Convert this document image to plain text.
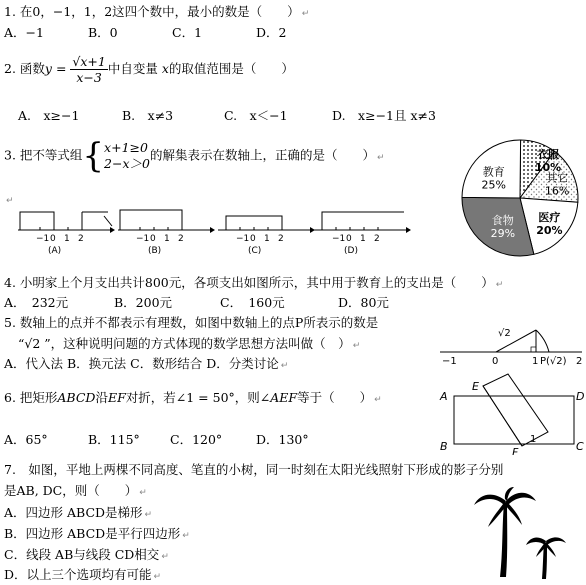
1. 在0，−1，1，2这四个数中，最小的数是（　　） ↵
A．−1	B．0	C．1	D．2
2. 函数$y = \frac{√x+1}{x-3}$ 中自变量 x的取值范围是（　　）
A.　x≥−1	B.　x≠3	C.　x＜−1	D.　x≥−1且 x≠3
3. 把不等式组{x+1≥0
2−x＞0的解集表示在数轴上，正确的是（　　） ↵
↵
−1 0 1 2
(A)
−1 0 1 2
(B)
−1 0 1 2
(C)
−1 0 1 2
(D)
衣服
10%
其它
16%
医疗
20%
食物
29%
教育
25%
4. 小明家上个月支出共计800元，各项支出如图所示，其中用于教育上的支出是（　　） ↵
A．　232元	B．200元	C．　160元	D．80元
5. 数轴上的点并不都表示有理数，如图中数轴上的点P所表示的数是
“√2 ”，这种说明问题的方式体现的数学思想方法叫做（　） ↵
A．代入法 B．换元法 C．数形结合 D．分类讨论 ↵
√2
−1	0	1 P(√2) 2
6. 把矩形ABCD沿EF对折，若∠1 = 50°，则∠AEF等于（　　） ↵
A．65°	B．115° C．120°	D．130°
A
B	C
D
E
F
1
7.　如图，平地上两棵不同高度、笔直的小树，同一时刻在太阳光线照射下形成的影子分别
是AB, DC，则（　　） ↵
A．四边形 ABCD是梯形 ↵
B．四边形 ABCD是平行四边形 ↵
C．线段 AB与线段 CD相交 ↵
D．以上三个选项均有可能 ↵
